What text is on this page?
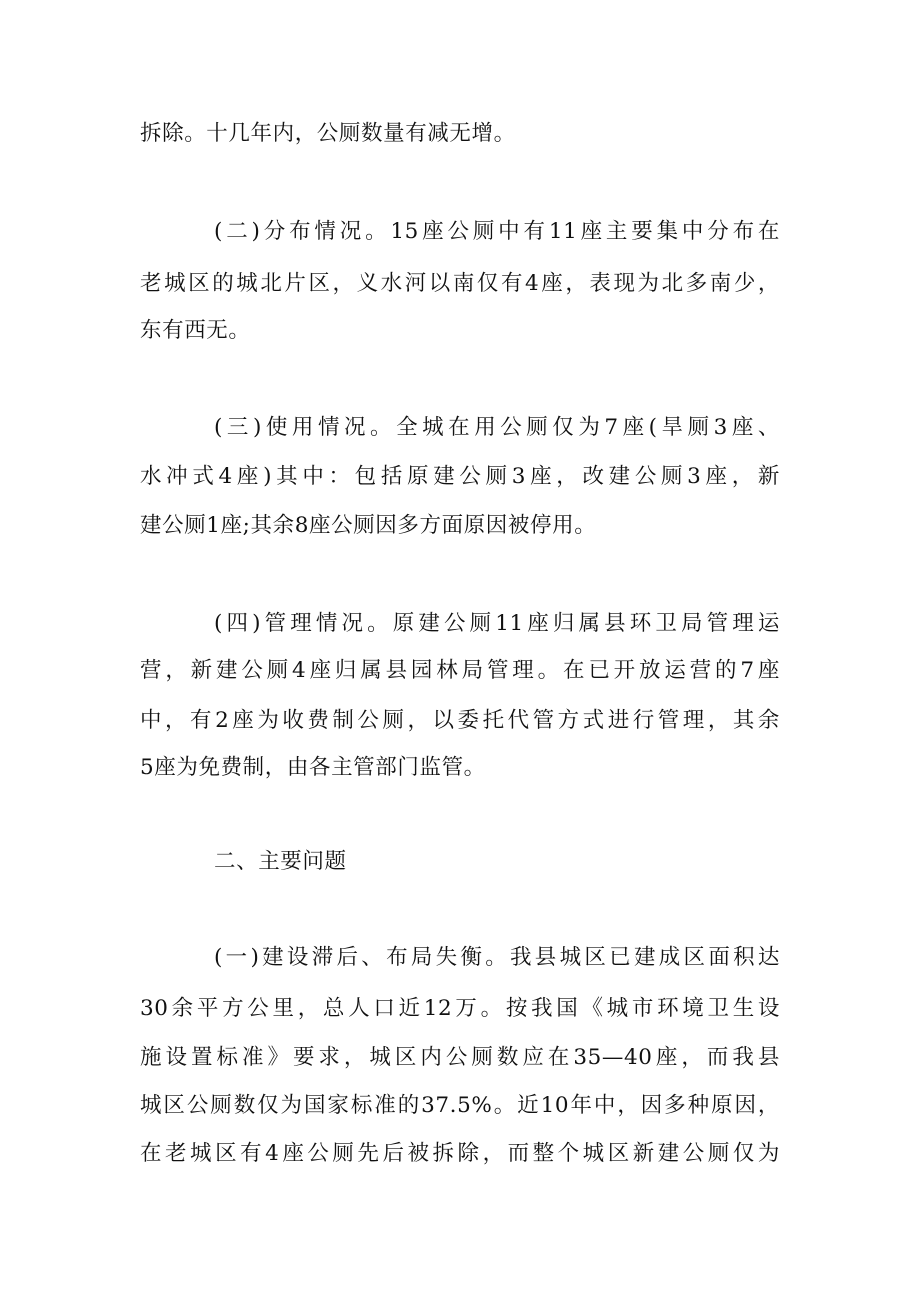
拆除。十几年内，公厕数量有减无增。
(二)分布情况。15座公厕中有11座主要集中分布在
老城区的城北片区，义水河以南仅有4座，表现为北多南少，
东有西无。
(三)使用情况。全城在用公厕仅为7座(旱厕3座、
水冲式4座)其中：包括原建公厕3座，改建公厕3座，新
建公厕1座;其余8座公厕因多方面原因被停用。
(四)管理情况。原建公厕11座归属县环卫局管理运
营，新建公厕4座归属县园林局管理。在已开放运营的7座
中，有2座为收费制公厕，以委托代管方式进行管理，其余
5座为免费制，由各主管部门监管。
二、主要问题
(一)建设滞后、布局失衡。我县城区已建成区面积达
30余平方公里，总人口近12万。按我国《城市环境卫生设
施设置标准》要求，城区内公厕数应在35—40座，而我县
城区公厕数仅为国家标准的37.5%。近10年中，因多种原因，
在老城区有4座公厕先后被拆除，而整个城区新建公厕仅为
